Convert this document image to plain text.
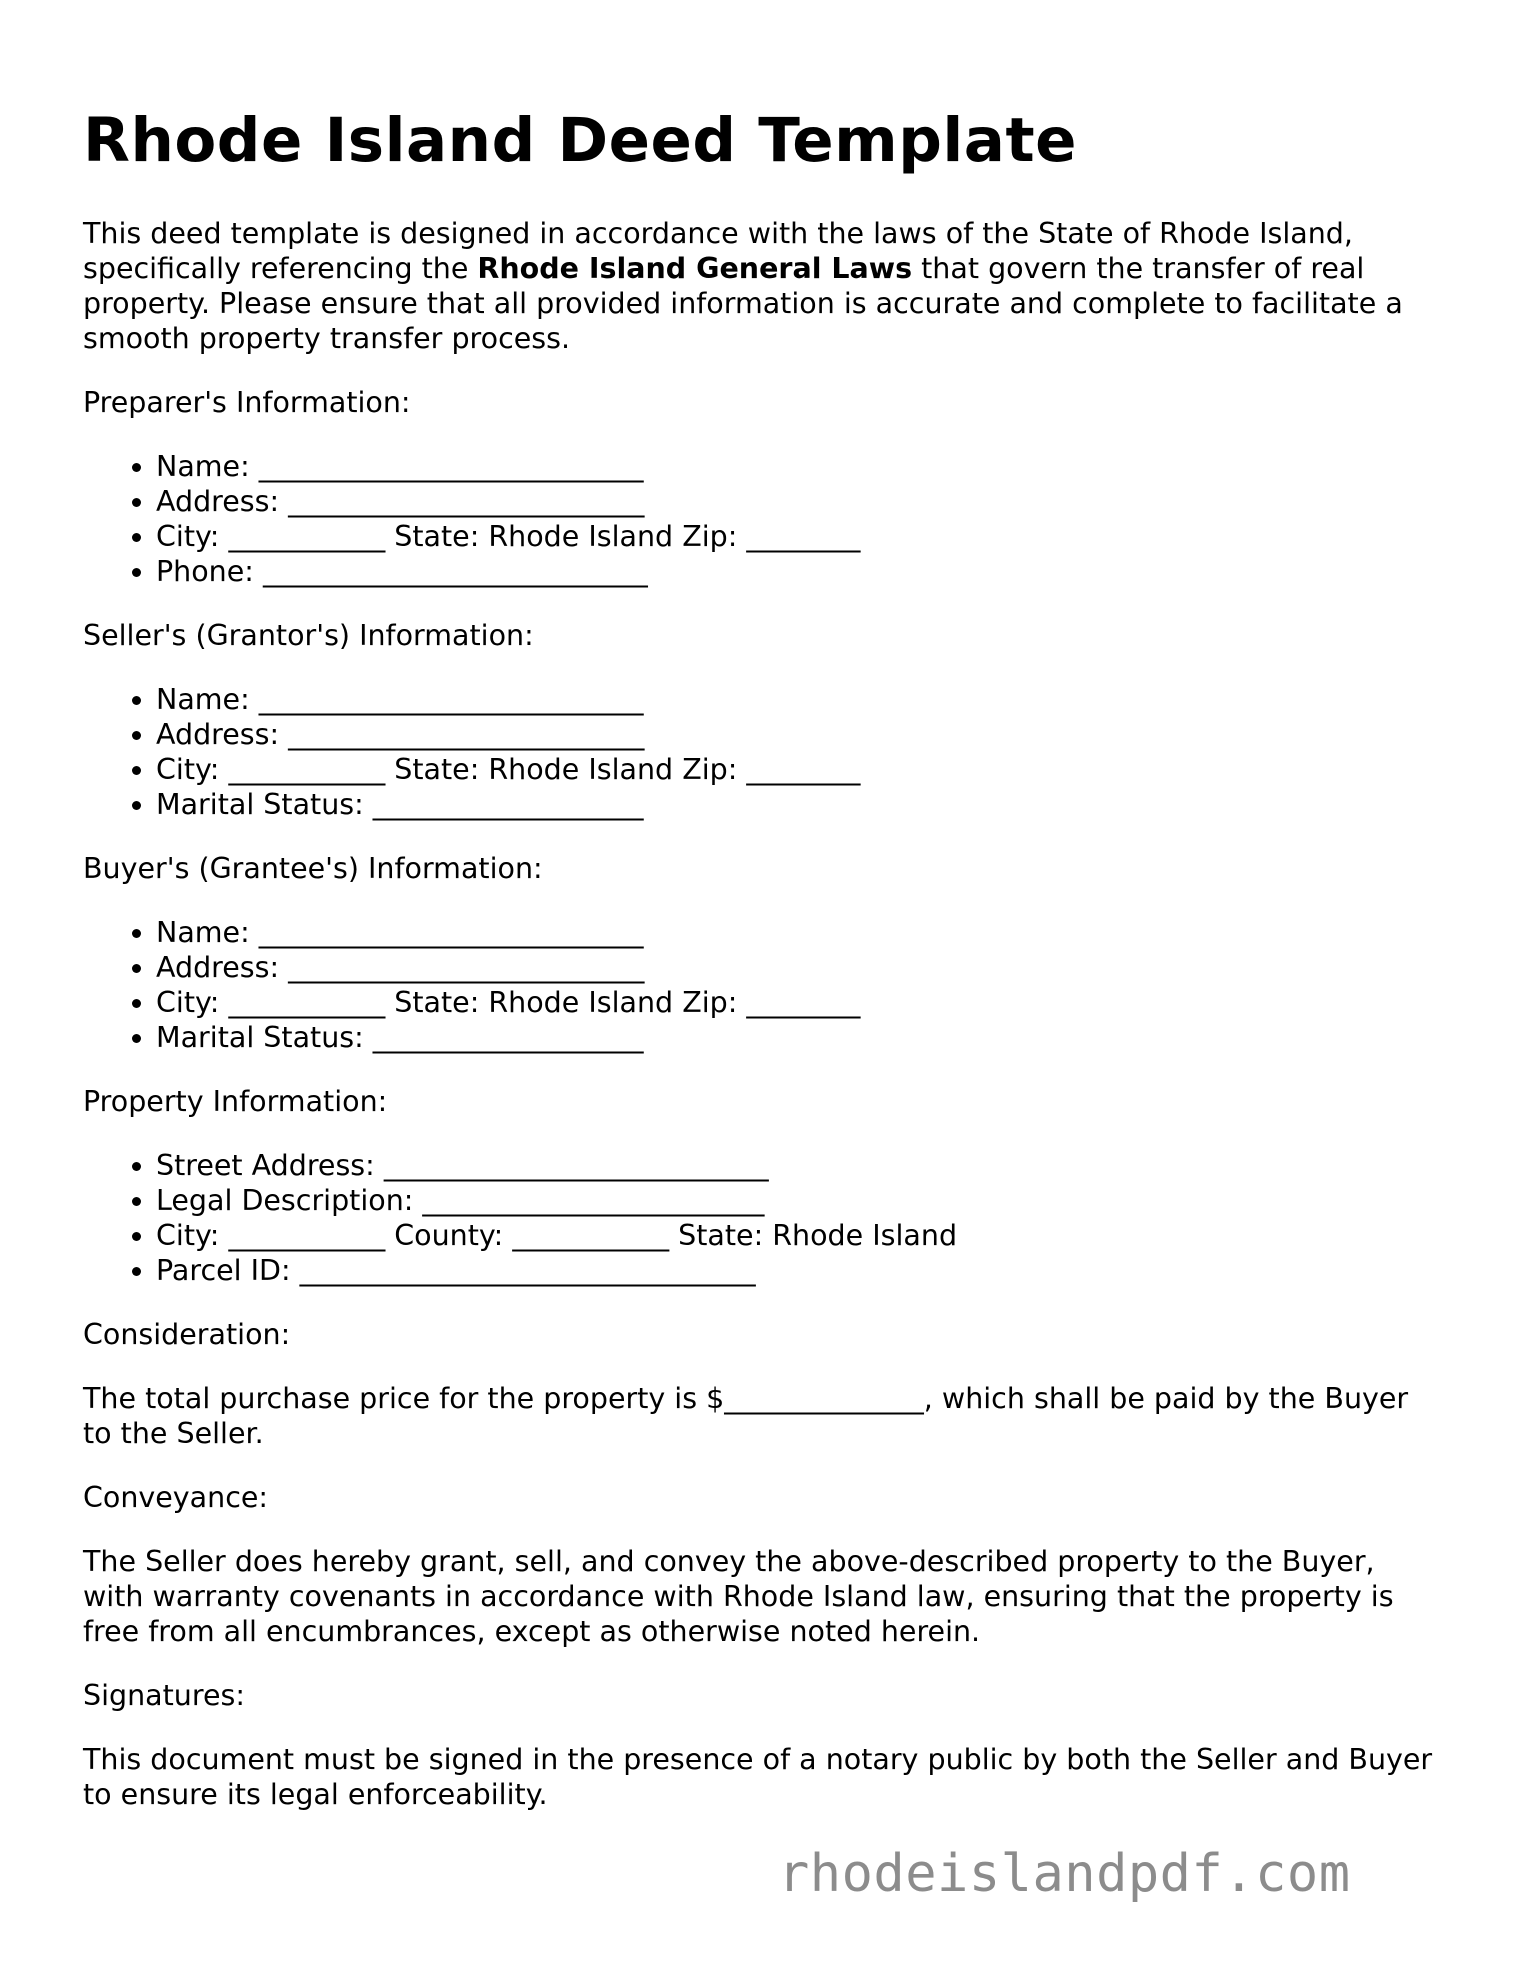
Rhode Island Deed Template

This deed template is designed in accordance with the laws of the State of Rhode Island, specifically referencing the Rhode Island General Laws that govern the transfer of real property. Please ensure that all provided information is accurate and complete to facilitate a smooth property transfer process.

Preparer's Information:

• Name: ___________________________
• Address: _________________________
• City: ___________ State: Rhode Island Zip: ________
• Phone: ___________________________

Seller's (Grantor's) Information:

• Name: ___________________________
• Address: _________________________
• City: ___________ State: Rhode Island Zip: ________
• Marital Status: ___________________

Buyer's (Grantee's) Information:

• Name: ___________________________
• Address: _________________________
• City: ___________ State: Rhode Island Zip: ________
• Marital Status: ___________________

Property Information:

• Street Address: ___________________________
• Legal Description: ________________________
• City: ___________ County: ___________ State: Rhode Island
• Parcel ID: ________________________________

Consideration:

The total purchase price for the property is $______________, which shall be paid by the Buyer to the Seller.

Conveyance:

The Seller does hereby grant, sell, and convey the above-described property to the Buyer, with warranty covenants in accordance with Rhode Island law, ensuring that the property is free from all encumbrances, except as otherwise noted herein.

Signatures:

This document must be signed in the presence of a notary public by both the Seller and Buyer to ensure its legal enforceability.

rhodeislandpdf.com
